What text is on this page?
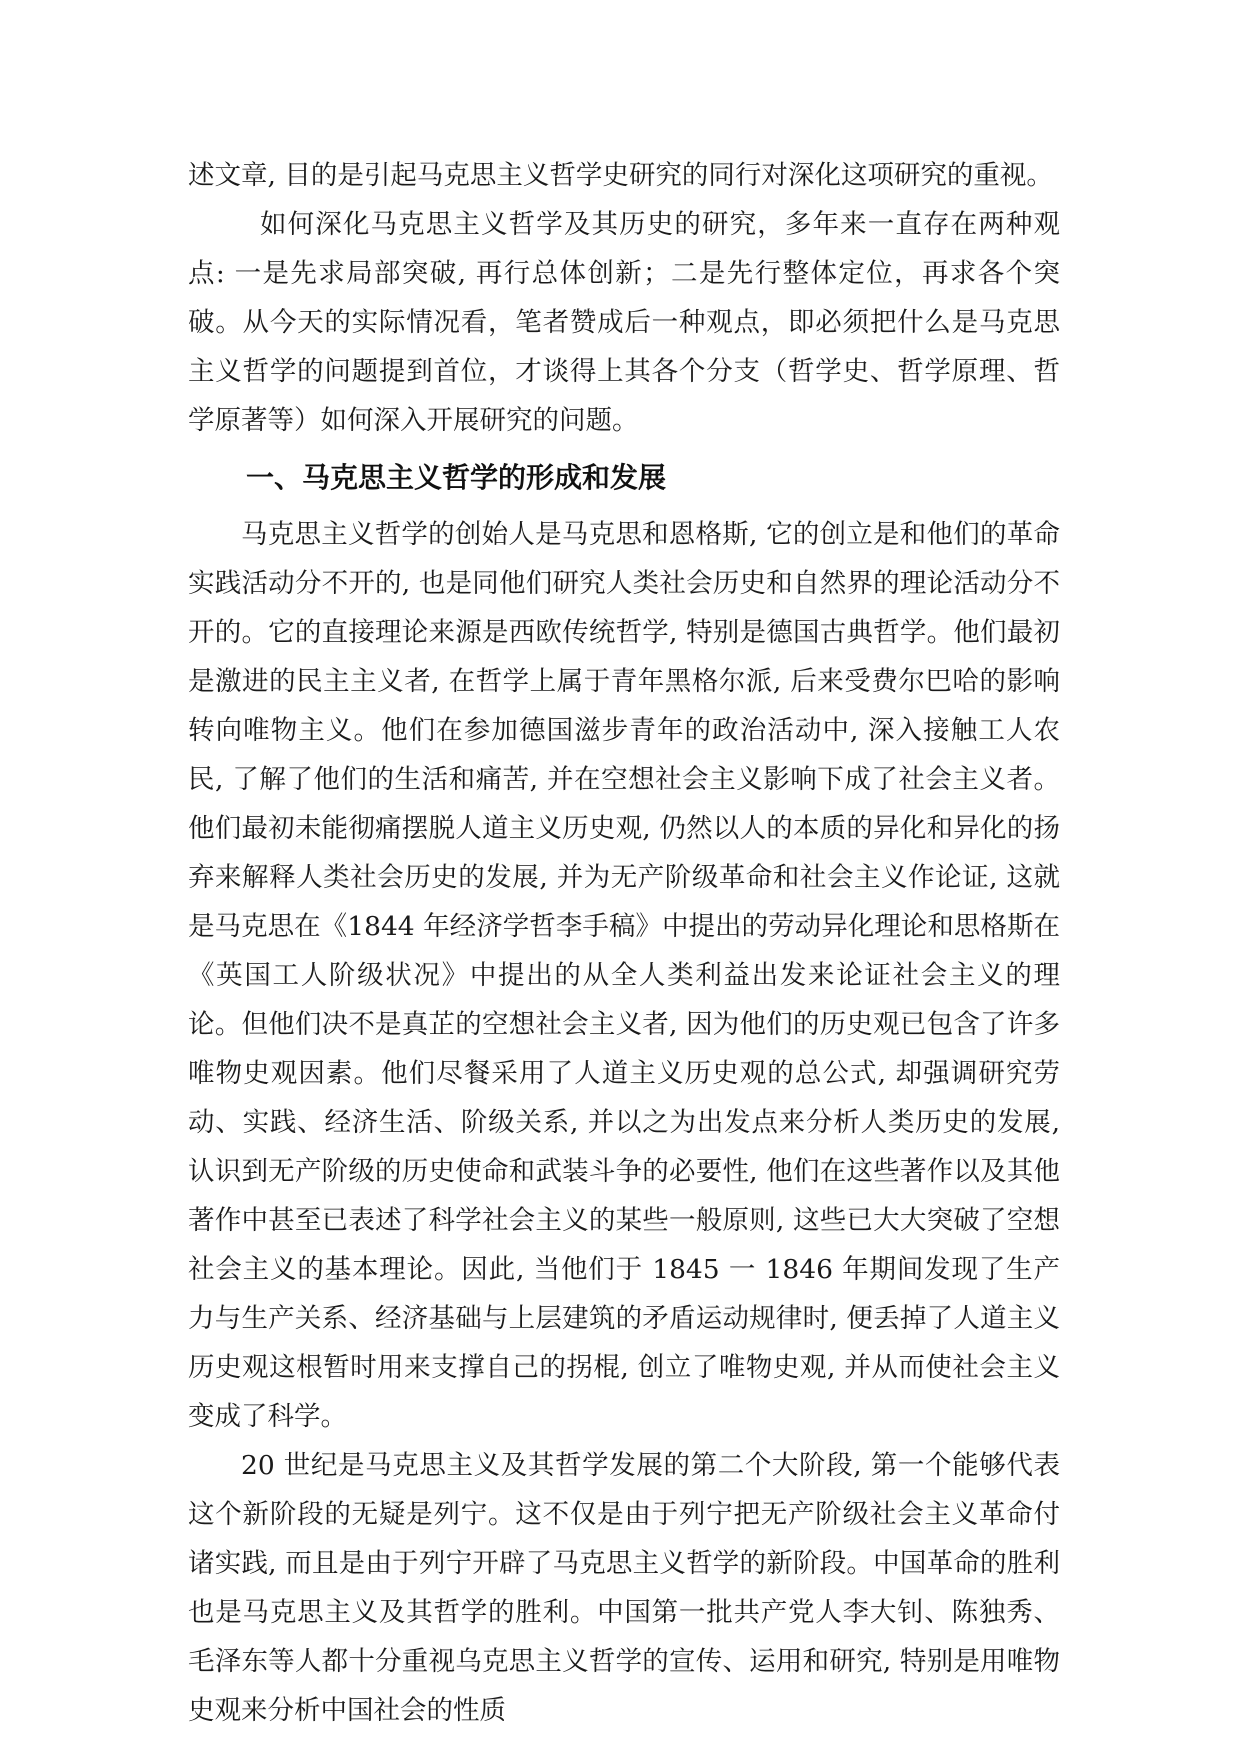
述文章, 目的是引起马克思主义哲学史研究的同行对深化这项研究的重视。

如何深化马克思主义哲学及其历史的研究，多年来一直存在两种观点: 一是先求局部突破, 再行总体创新；二是先行整体定位，再求各个突破。从今天的实际情况看，笔者赞成后一种观点，即必须把什么是马克思主义哲学的问题提到首位，才谈得上其各个分支（哲学史、哲学原理、哲学原著等）如何深入开展研究的问题。

一、马克思主义哲学的形成和发展

马克思主义哲学的创始人是马克思和恩格斯, 它的创立是和他们的革命实践活动分不开的, 也是同他们研究人类社会历史和自然界的理论活动分不开的。它的直接理论来源是西欧传统哲学, 特别是德国古典哲学。他们最初是激进的民主主义者, 在哲学上属于青年黑格尔派, 后来受费尔巴哈的影响转向唯物主义。他们在参加德国滋步青年的政治活动中, 深入接触工人农民, 了解了他们的生活和痛苦, 并在空想社会主义影响下成了社会主义者。他们最初未能彻痛摆脱人道主义历史观, 仍然以人的本质的异化和异化的扬弃来解释人类社会历史的发展, 并为无产阶级革命和社会主义作论证, 这就是马克思在《1844 年经济学哲李手稿》中提出的劳动异化理论和思格斯在《英国工人阶级状况》中提出的从全人类利益出发来论证社会主义的理论。但他们决不是真芷的空想社会主义者, 因为他们的历史观已包含了许多唯物史观因素。他们尽餐采用了人道主义历史观的总公式, 却强调研究劳动、实践、经济生活、阶级关系, 并以之为出发点来分析人类历史的发展, 认识到无产阶级的历史使命和武装斗争的必要性, 他们在这些著作以及其他著作中甚至已表述了科学社会主义的某些一般原则, 这些已大大突破了空想社会主义的基本理论。因此, 当他们于 1845 一 1846 年期间发现了生产力与生产关系、经济基础与上层建筑的矛盾运动规律时, 便丢掉了人道主义历史观这根暂时用来支撑自己的拐棍, 创立了唯物史观, 并从而使社会主义变成了科学。

20 世纪是马克思主义及其哲学发展的第二个大阶段, 第一个能够代表这个新阶段的无疑是列宁。这不仅是由于列宁把无产阶级社会主义革命付诸实践, 而且是由于列宁开辟了马克思主义哲学的新阶段。中国革命的胜利也是马克思主义及其哲学的胜利。中国第一批共产党人李大钊、陈独秀、毛泽东等人都十分重视乌克思主义哲学的宣传、运用和研究, 特别是用唯物史观来分析中国社会的性质
